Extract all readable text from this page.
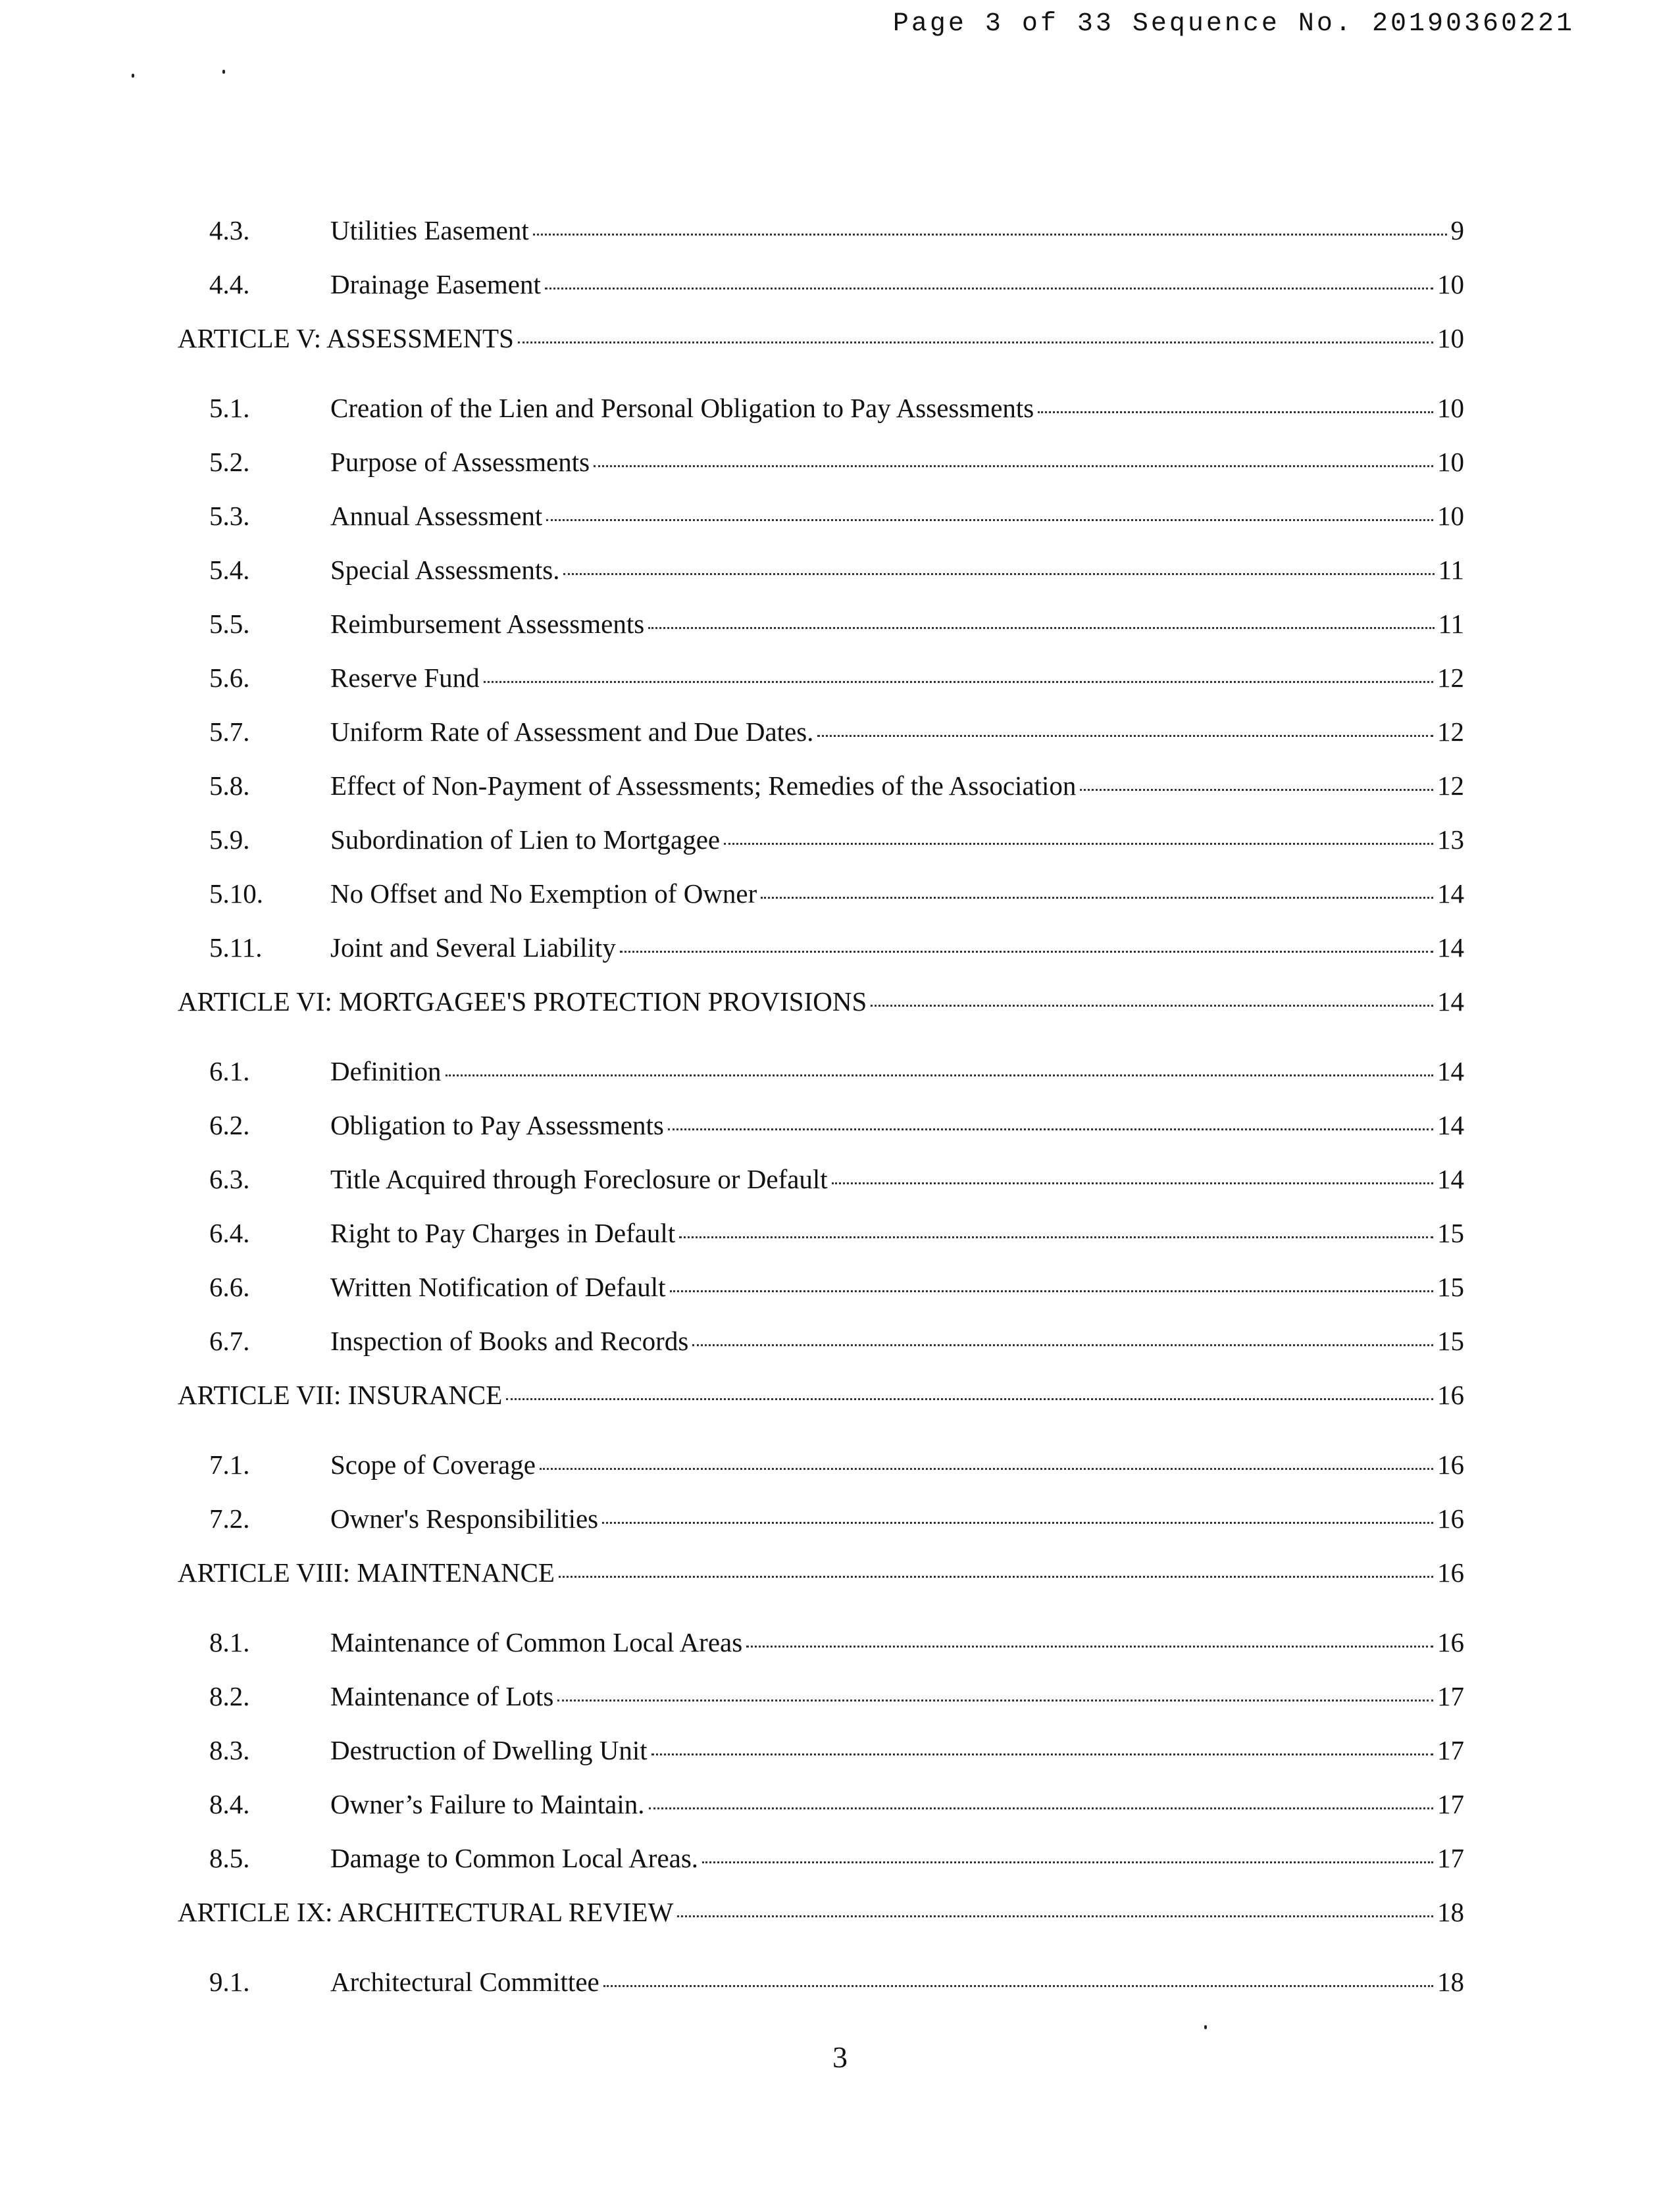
Page 3 of 33 Sequence No. 20190360221
4.3.	Utilities Easement	9
4.4.	Drainage Easement	10
ARTICLE V: ASSESSMENTS	10
5.1.	Creation of the Lien and Personal Obligation to Pay Assessments	10
5.2.	Purpose of Assessments	10
5.3.	Annual Assessment	10
5.4.	Special Assessments.	11
5.5.	Reimbursement Assessments	11
5.6.	Reserve Fund	12
5.7.	Uniform Rate of Assessment and Due Dates.	12
5.8.	Effect of Non-Payment of Assessments; Remedies of the Association	12
5.9.	Subordination of Lien to Mortgagee	13
5.10. No Offset and No Exemption of Owner	14
5.11.	Joint and Several Liability	14
ARTICLE VI: MORTGAGEE'S PROTECTION PROVISIONS	14
6.1.	Definition	14
6.2.	Obligation to Pay Assessments	14
6.3.	Title Acquired through Foreclosure or Default	14
6.4.	Right to Pay Charges in Default	15
6.6.	Written Notification of Default	15
6.7.	Inspection of Books and Records	15
ARTICLE VII: INSURANCE	16
7.1.	Scope of Coverage	16
7.2.	Owner's Responsibilities	16
ARTICLE VIII: MAINTENANCE	16
8.1.	Maintenance of Common Local Areas	16
8.2.	Maintenance of Lots	17
8.3.	Destruction of Dwelling Unit	17
8.4.	Owner’s Failure to Maintain.	17
8.5.	Damage to Common Local Areas.	17
ARTICLE IX: ARCHITECTURAL REVIEW	18
9.1.	Architectural Committee	18
3
